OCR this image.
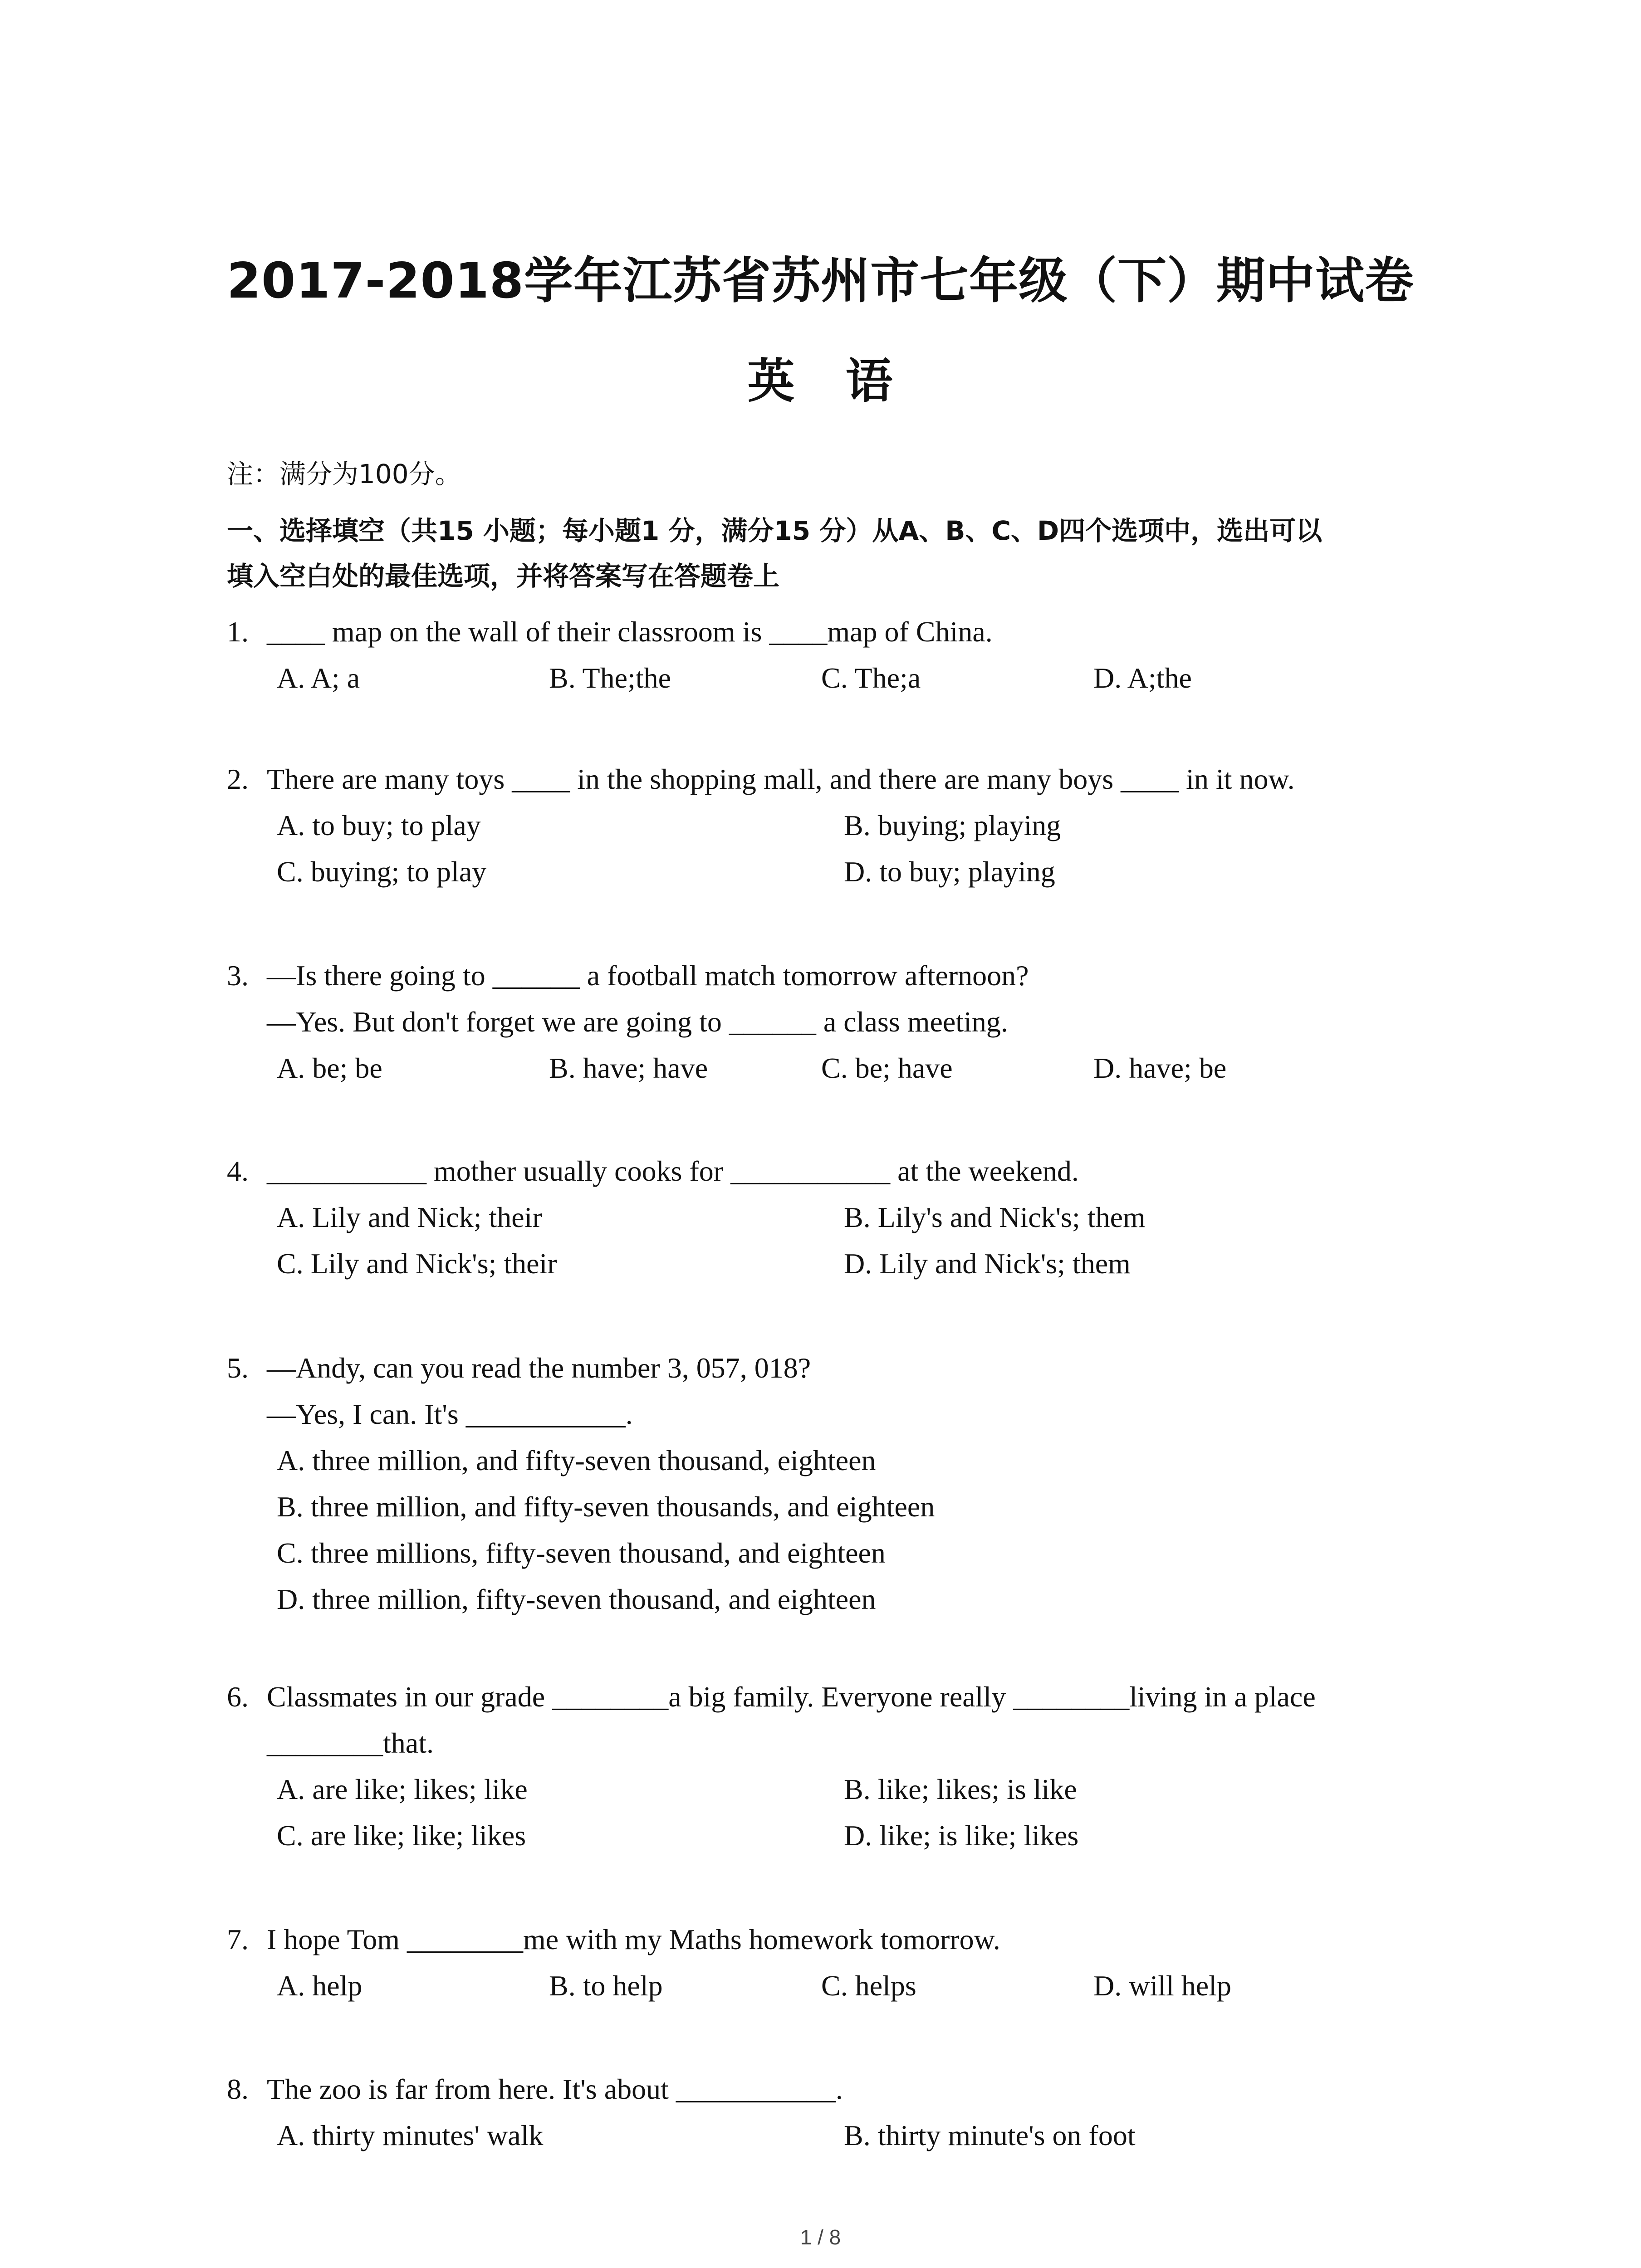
2017-2018学年江苏省苏州市七年级（下）期中试卷
英 语
注：满分为100分。
一、选择填空（共15 小题；每小题1 分，满分15 分）从A、B、C、D四个选项中，选出可以
填入空白处的最佳选项，并将答案写在答题卷上
1. ____ map on the wall of their classroom is ____map of China.
A. A; a	B. The;the	C. The;a	D. A;the
2. There are many toys ____ in the shopping mall, and there are many boys ____ in it now.
A. to buy; to play	B. buying; playing
C. buying; to play	D. to buy; playing
3. —Is there going to ______ a football match tomorrow afternoon?
—Yes. But don't forget we are going to ______ a class meeting.
A. be; be	B. have; have	C. be; have	D. have; be
4. ___________ mother usually cooks for ___________ at the weekend.
A. Lily and Nick; their	B. Lily's and Nick's; them
C. Lily and Nick's; their	D. Lily and Nick's; them
5. —Andy, can you read the number 3, 057, 018?
—Yes, I can. It's ___________.
A. three million, and fifty-seven thousand, eighteen
B. three million, and fifty-seven thousands, and eighteen
C. three millions, fifty-seven thousand, and eighteen
D. three million, fifty-seven thousand, and eighteen
6. Classmates in our grade ________a big family. Everyone really ________living in a place
________that.
A. are like; likes; like	B. like; likes; is like
C. are like; like; likes	D. like; is like; likes
7. I hope Tom ________me with my Maths homework tomorrow.
A. help	B. to help	C. helps	D. will help
8. The zoo is far from here. It's about ___________.
A. thirty minutes' walk	B. thirty minute's on foot
1 / 8
